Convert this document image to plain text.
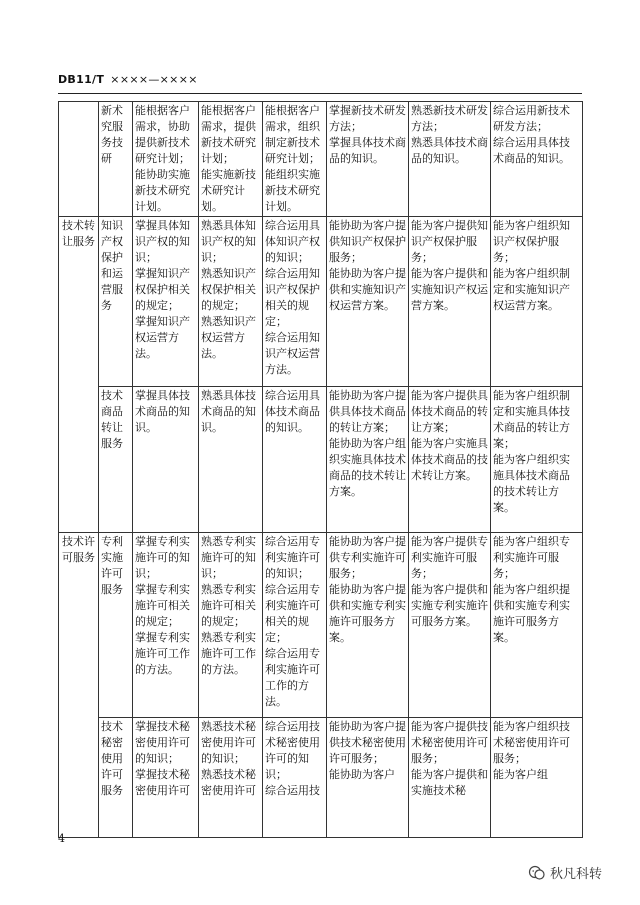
DB11/T ××××—××××
	新术究服务技研	能根据客户需求，协助提供新技术研究计划；
能协助实施新技术研究计划。	能根据客户需求，提供新技术研究计划；
能实施新技术研究计划。	能根据客户需求，组织制定新技术研究计划；
能组织实施新技术研究计划。	掌握新技术研发方法；
掌握具体技术商品的知识。	熟悉新技术研发方法；
熟悉具体技术商品的知识。	综合运用新技术研发方法；
综合运用具体技术商品的知识。

技术转让服务	知识产权保护和运营服务	掌握具体知识产权的知识；
掌握知识产权保护相关的规定；
掌握知识产权运营方法。	熟悉具体知识产权的知识；
熟悉知识产权保护相关的规定；
熟悉知识产权运营方法。	综合运用具体知识产权的知识；
综合运用知识产权保护相关的规定；
综合运用知识产权运营方法。	能协助为客户提供知识产权保护服务；
能协助为客户提供和实施知识产权运营方案。	能为客户提供知识产权保护服务；
能为客户提供和实施知识产权运营方案。	能为客户组织知识产权保护服务；
能为客户组织制定和实施知识产权运营方案。

	技术商品转让服务	掌握具体技术商品的知识。	熟悉具体技术商品的知识。	综合运用具体技术商品的知识。	能协助为客户提供具体技术商品的转让方案；
能协助为客户组织实施具体技术商品的技术转让方案。	能为客户提供具体技术商品的转让方案；
能为客户实施具体技术商品的技术转让方案。	能为客户组织制定和实施具体技术商品的转让方案；
能为客户组织实施具体技术商品的技术转让方案。

技术许可服务	专利实施许可服务	掌握专利实施许可的知识；
掌握专利实施许可相关的规定；
掌握专利实施许可工作的方法。	熟悉专利实施许可的知识；
熟悉专利实施许可相关的规定；
熟悉专利实施许可工作的方法。	综合运用专利实施许可的知识；
综合运用专利实施许可相关的规定；
综合运用专利实施许可工作的方法。	能协助为客户提供专利实施许可服务；
能协助为客户提供和实施专利实施许可服务方案。	能为客户提供专利实施许可服务；
能为客户提供和实施专利实施许可服务方案。	能为客户组织专利实施许可服务；
能为客户组织提供和实施专利实施许可服务方案。

	技术秘密使用许可服务	掌握技术秘密使用许可的知识；
掌握技术秘密使用许可	熟悉技术秘密使用许可的知识；
熟悉技术秘密使用许可	综合运用技术秘密使用许可的知识；
综合运用技	能协助为客户提供技术秘密使用许可服务；
能协助为客户	能为客户提供技术秘密使用许可服务；
能为客户提供和实施技术秘	能为客户组织技术秘密使用许可服务；
能为客户组
4
秋凡科转
